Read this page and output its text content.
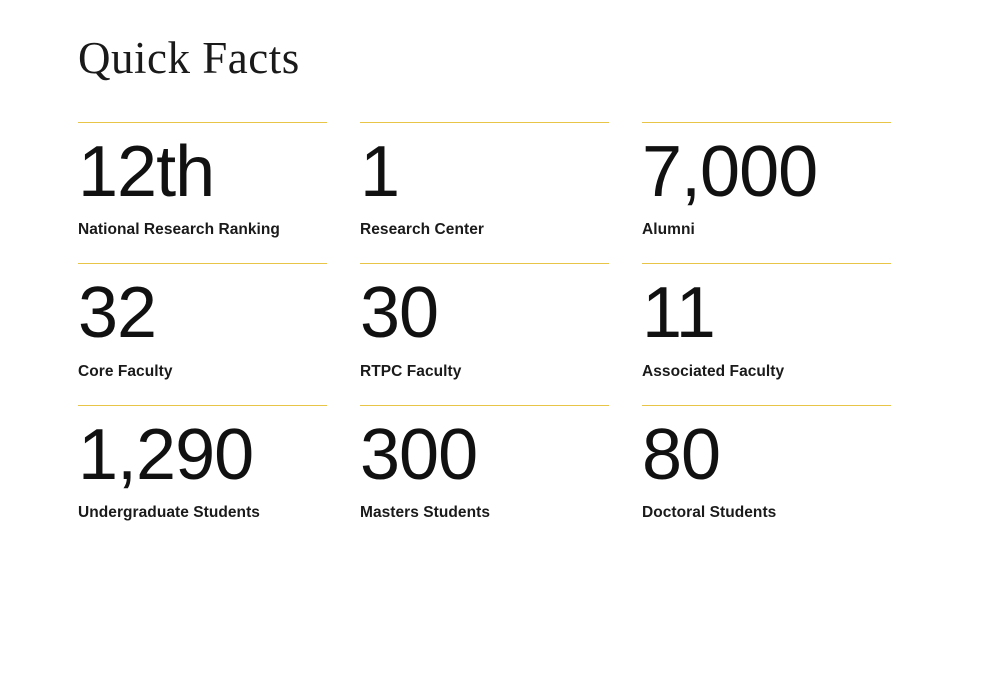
Quick Facts
12th
National Research Ranking
1
Research Center
7,000
Alumni
32
Core Faculty
30
RTPC Faculty
11
Associated Faculty
1,290
Undergraduate Students
300
Masters Students
80
Doctoral Students
